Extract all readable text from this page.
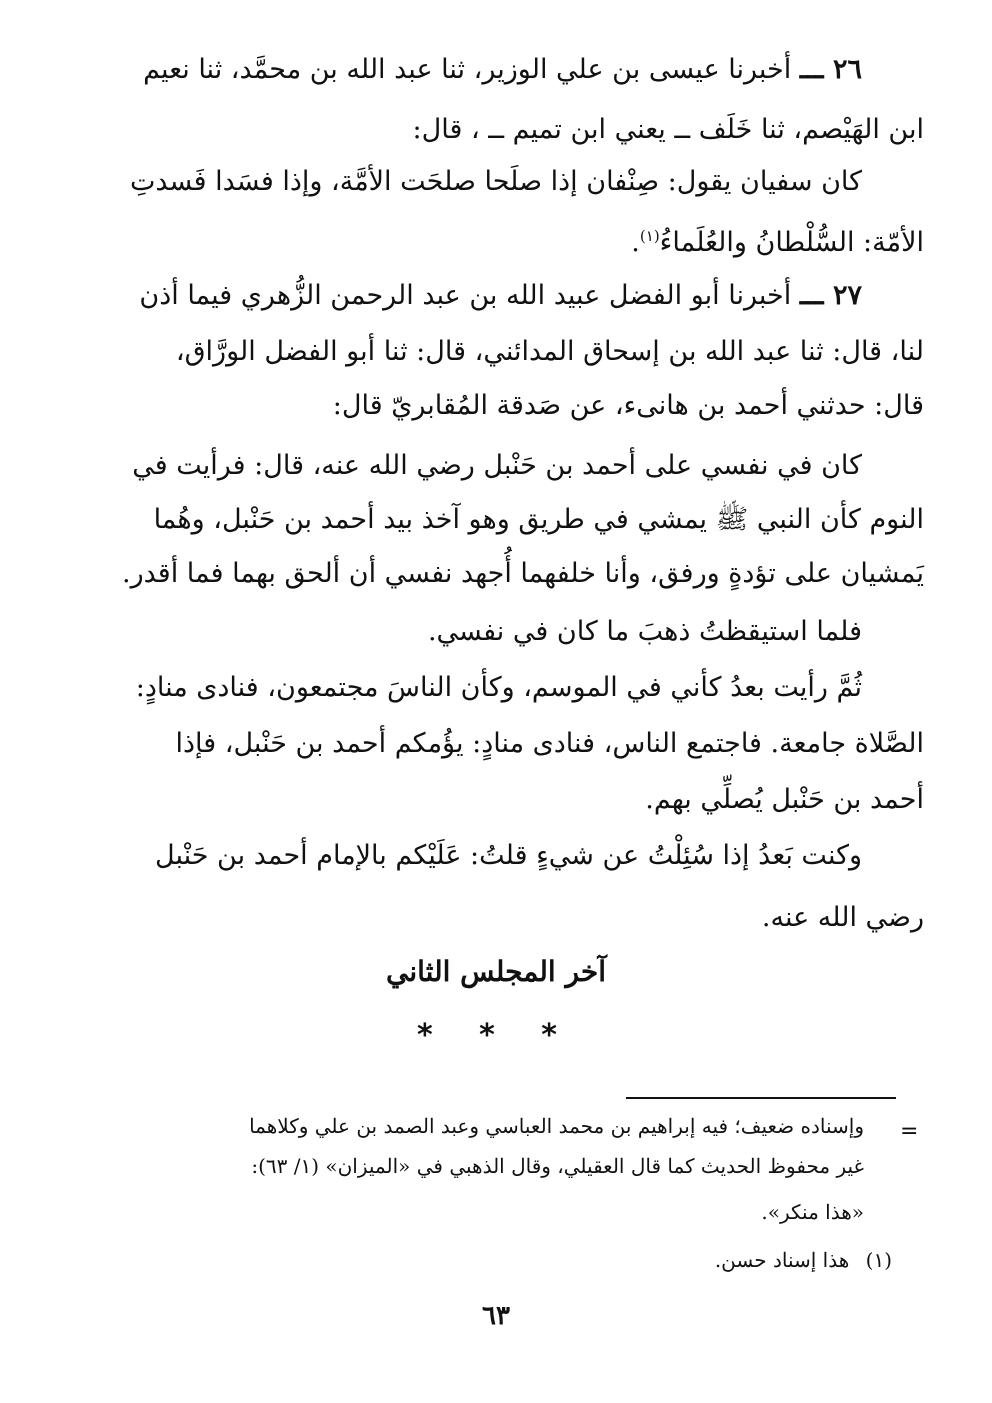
٢٦ ـــ أخبرنا عيسى بن علي الوزير، ثنا عبد الله بن محمَّد، ثنا نعيم
ابن الهَيْصم، ثنا خَلَف ــ يعني ابن تميم ــ ، قال:
كان سفيان يقول: صِنْفان إذا صلَحا صلحَت الأمَّة، وإذا فسَدا فَسدتِ
الأمّة: السُّلْطانُ والعُلَماءُ$^{(١)}$.
٢٧ ـــ أخبرنا أبو الفضل عبيد الله بن عبد الرحمن الزُّهري فيما أذن
لنا، قال: ثنا عبد الله بن إسحاق المدائني، قال: ثنا أبو الفضل الورَّاق،
قال: حدثني أحمد بن هانىء، عن صَدقة المُقابريّ قال:
كان في نفسي على أحمد بن حَنْبل رضي الله عنه، قال: فرأيت في
النوم كأن النبي ﷺ يمشي في طريق وهو آخذ بيد أحمد بن حَنْبل، وهُما
يَمشيان على تؤدةٍ ورفق، وأنا خلفهما أُجهد نفسي أن ألحق بهما فما أقدر.
فلما استيقظتُ ذهبَ ما كان في نفسي.
ثُمَّ رأيت بعدُ كأني في الموسم، وكأن الناسَ مجتمعون، فنادى منادٍ:
الصَّلاة جامعة. فاجتمع الناس، فنادى منادٍ: يؤُمكم أحمد بن حَنْبل، فإذا
أحمد بن حَنْبل يُصلِّي بهم.
وكنت بَعدُ إذا سُئِلْتُ عن شيءٍ قلتُ: عَلَيْكم بالإمام أحمد بن حَنْبل
رضي الله عنه.
آخر المجلس الثاني
* * *
=
وإسناده ضعيف؛ فيه إبراهيم بن محمد العباسي وعبد الصمد بن علي وكلاهما
غير محفوظ الحديث كما قال العقيلي، وقال الذهبي في «الميزان» (١/ ٦٣):
«هذا منكر».
(١) هذا إسناد حسن.
٦٣
